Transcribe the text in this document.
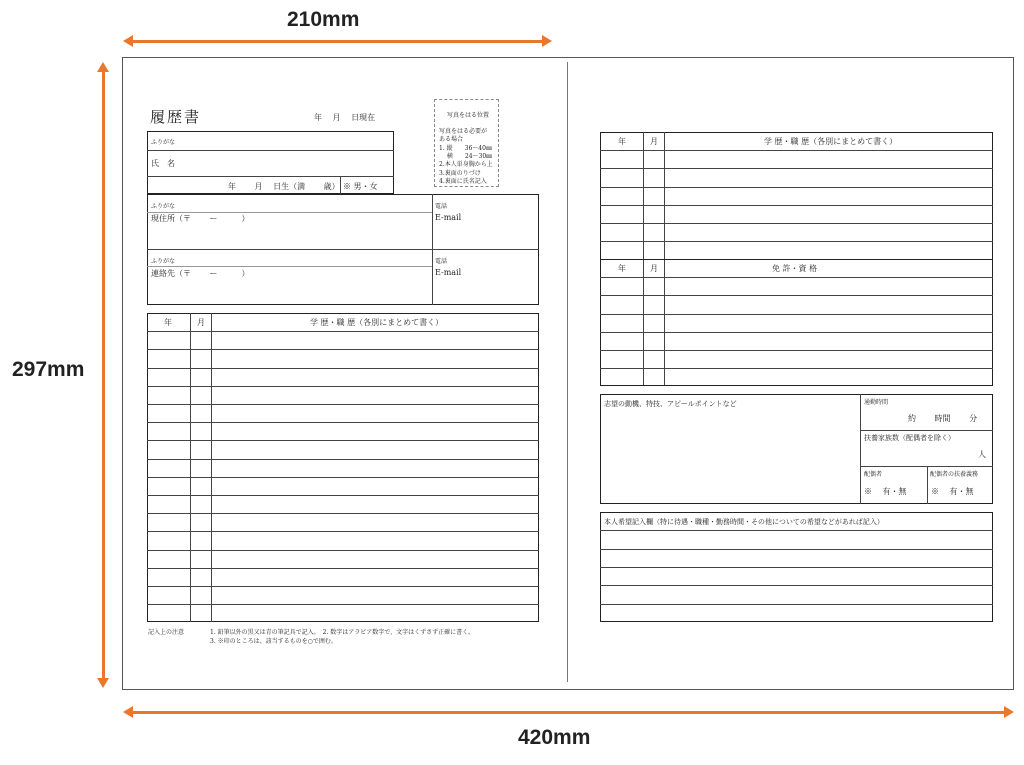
210mm
297mm
420mm
履歴書	年　 月　 日現在	写真をはる位置
写真をはる必要が
ある場合
1. 縦　　36～40㎜
　 横　　24～30㎜
2.本人単身胸から上
3.裏面のりづけ
4.裏面に氏名記入
ふりがな
氏　名
年　　 月　 日生（満　　 歳） ※ 男・女
ふりがな
現住所（〒　　 ー　　　）
電話
E-mail
ふりがな
連絡先（〒　　 ー　　　）
電話
E-mail
年	月	学 歴・職 歴（各別にまとめて書く）
記入上の注意	1. 鉛筆以外の黒又は青の筆記具で記入。　2. 数字はアラビア数字で、文字はくずさず正確に書く。
3. ※印のところは、該当するものを○で囲む。
年	月	学 歴・職 歴（各別にまとめて書く）
年	月	免 許・資 格
志望の動機、特技、アピールポイントなど	通勤時間
約　　 時間　　 分
扶養家族数（配偶者を除く）
人
配偶者
※　 有・無
配偶者の扶養義務
※　 有・無
本人希望記入欄（特に待遇・職種・勤務時間・その他についての希望などがあれば記入）
